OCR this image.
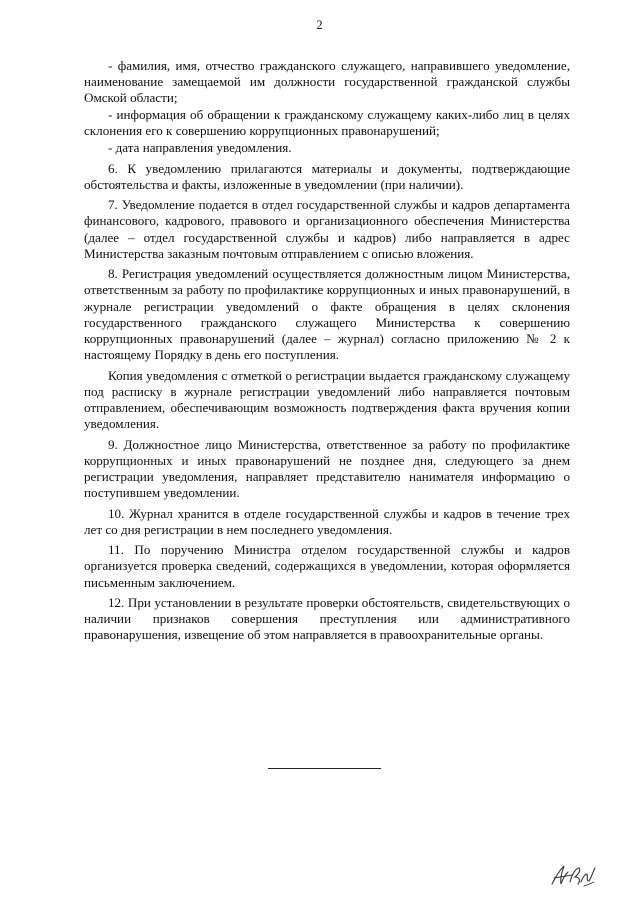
2

- фамилия, имя, отчество гражданского служащего, направившего уведомление, наименование замещаемой им должности государственной гражданской службы Омской области;

- информация об обращении к гражданскому служащему каких-либо лиц в целях склонения его к совершению коррупционных правонарушений;

- дата направления уведомления.

6. К уведомлению прилагаются материалы и документы, подтверждающие обстоятельства и факты, изложенные в уведомлении (при наличии).

7. Уведомление подается в отдел государственной службы и кадров департамента финансового, кадрового, правового и организационного обеспечения Министерства (далее – отдел государственной службы и кадров) либо направляется в адрес Министерства заказным почтовым отправлением с описью вложения.

8. Регистрация уведомлений осуществляется должностным лицом Министерства, ответственным за работу по профилактике коррупционных и иных правонарушений, в журнале регистрации уведомлений о факте обращения в целях склонения государственного гражданского служащего Министерства к совершению коррупционных правонарушений (далее – журнал) согласно приложению № 2 к настоящему Порядку в день его поступления.

Копия уведомления с отметкой о регистрации выдается гражданскому служащему под расписку в журнале регистрации уведомлений либо направляется почтовым отправлением, обеспечивающим возможность подтверждения факта вручения копии уведомления.

9. Должностное лицо Министерства, ответственное за работу по профилактике коррупционных и иных правонарушений не позднее дня, следующего за днем регистрации уведомления, направляет представителю нанимателя информацию о поступившем уведомлении.

10. Журнал хранится в отделе государственной службы и кадров в течение трех лет со дня регистрации в нем последнего уведомления.

11. По поручению Министра отделом государственной службы и кадров организуется проверка сведений, содержащихся в уведомлении, которая оформляется письменным заключением.

12. При установлении в результате проверки обстоятельств, свидетельствующих о наличии признаков совершения преступления или административного правонарушения, извещение об этом направляется в правоохранительные органы.
